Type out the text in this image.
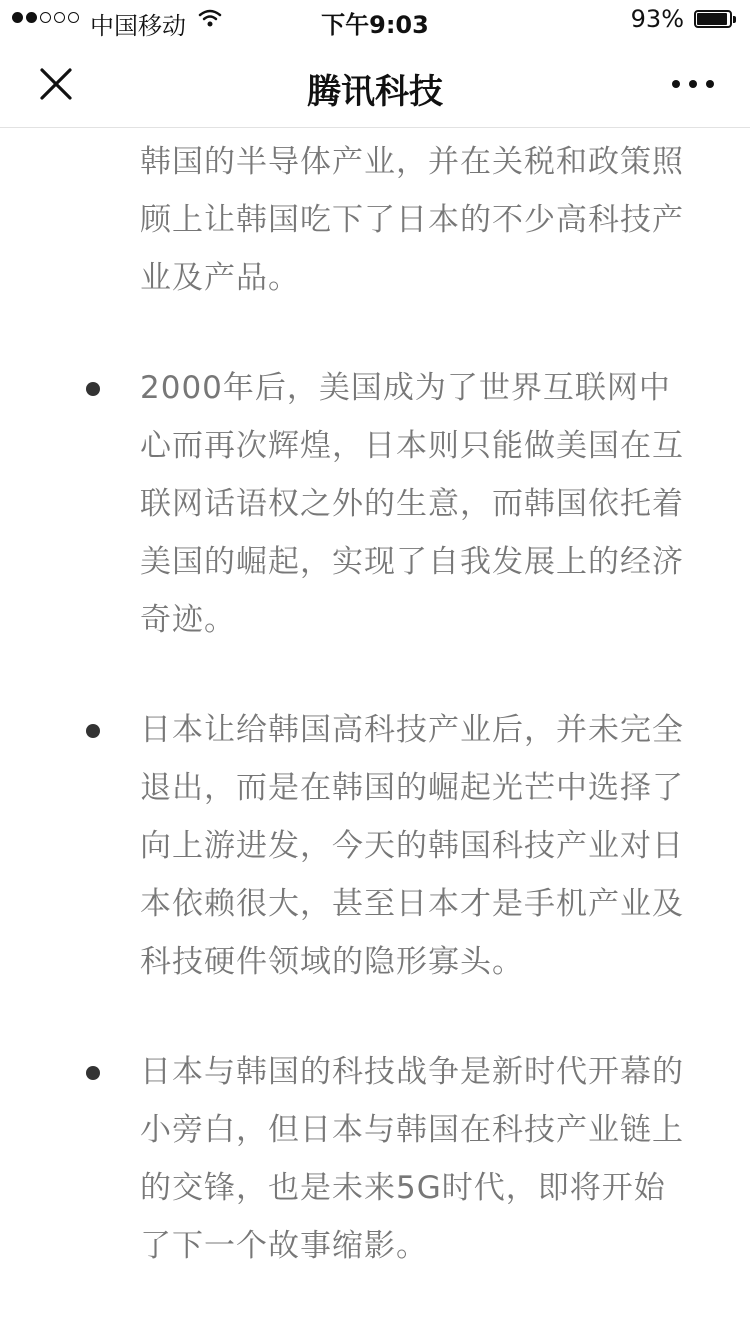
中国移动	下午9:03	93%
腾讯科技
韩国的半导体产业，并在关税和政策照顾上让韩国吃下了日本的不少高科技产业及产品。
2000年后，美国成为了世界互联网中心而再次辉煌，日本则只能做美国在互联网话语权之外的生意，而韩国依托着美国的崛起，实现了自我发展上的经济奇迹。
日本让给韩国高科技产业后，并未完全退出，而是在韩国的崛起光芒中选择了向上游进发，今天的韩国科技产业对日本依赖很大，甚至日本才是手机产业及科技硬件领域的隐形寡头。
日本与韩国的科技战争是新时代开幕的小旁白，但日本与韩国在科技产业链上的交锋，也是未来5G时代，即将开始了下一个故事缩影。
